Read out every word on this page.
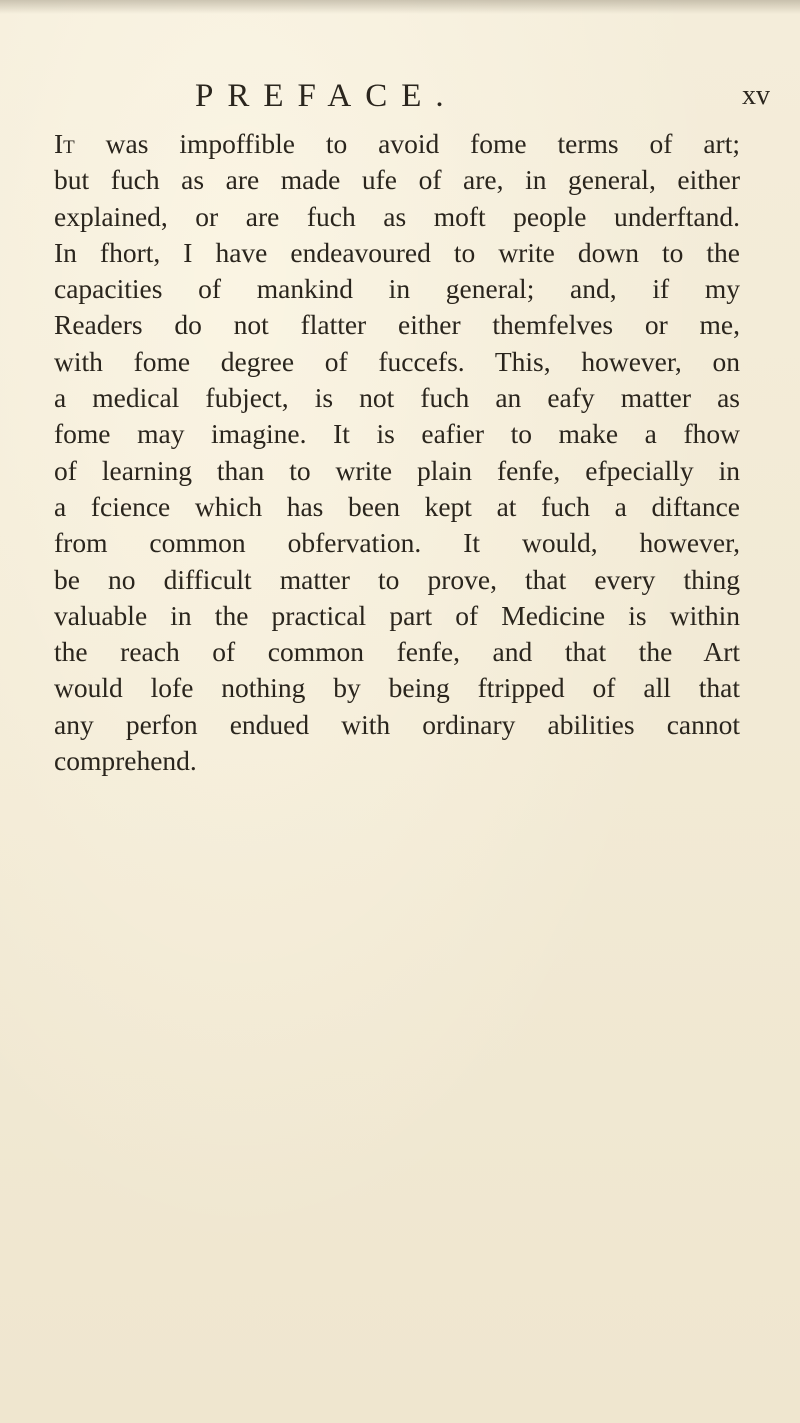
PREFACE.	xv
It was impoffible to avoid fome terms of art;
but fuch as are made ufe of are, in general, either
explained, or are fuch as moft people underftand.
In fhort, I have endeavoured to write down to the
capacities of mankind in general; and, if my
Readers do not flatter either themfelves or me,
with fome degree of fuccefs. This, however, on
a medical fubject, is not fuch an eafy matter as
fome may imagine. It is eafier to make a fhow
of learning than to write plain fenfe, efpecially in
a fcience which has been kept at fuch a diftance
from common obfervation. It would, however,
be no difficult matter to prove, that every thing
valuable in the practical part of Medicine is within
the reach of common fenfe, and that the Art
would lofe nothing by being ftripped of all that
any perfon endued with ordinary abilities cannot
comprehend.
